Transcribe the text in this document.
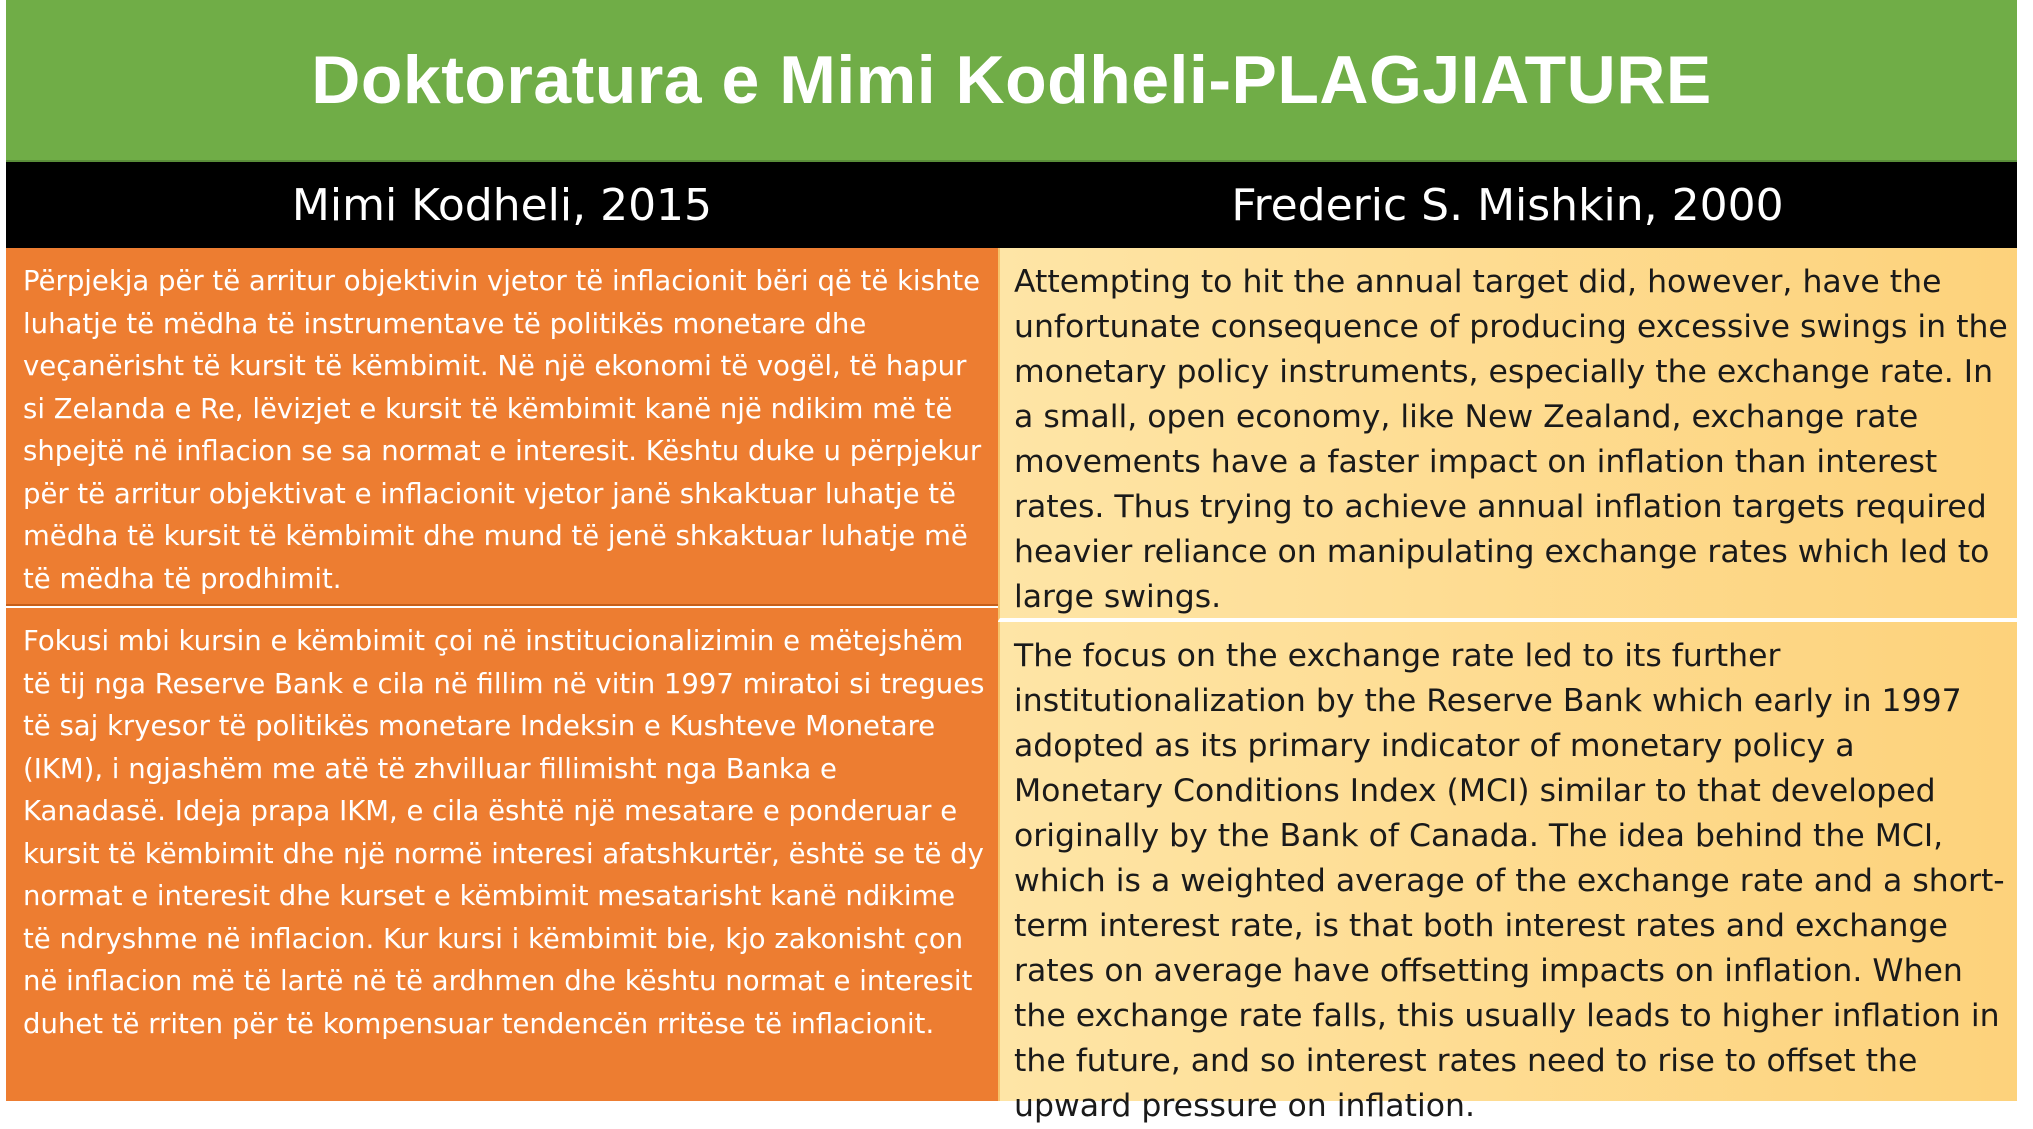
Doktoratura e Mimi Kodheli-PLAGJIATURE
Mimi Kodheli, 2015	Frederic S. Mishkin, 2000

Përpjekja për të arritur objektivin vjetor të inflacionit bëri që të kishte luhatje të mëdha të instrumentave të politikës monetare dhe veçanërisht të kursit të këmbimit. Në një ekonomi të vogël, të hapur si Zelanda e Re, lëvizjet e kursit të këmbimit kanë një ndikim më të shpejtë në inflacion se sa normat e interesit. Kështu duke u përpjekur për të arritur objektivat e inflacionit vjetor janë shkaktuar luhatje të mëdha të kursit të këmbimit dhe mund të jenë shkaktuar luhatje më të mëdha të prodhimit.

Attempting to hit the annual target did, however, have the unfortunate consequence of producing excessive swings in the monetary policy instruments, especially the exchange rate. In a small, open economy, like New Zealand, exchange rate movements have a faster impact on inflation than interest rates. Thus trying to achieve annual inflation targets required heavier reliance on manipulating exchange rates which led to large swings.

Fokusi mbi kursin e këmbimit çoi në institucionalizimin e mëtejshëm të tij nga Reserve Bank e cila në fillim në vitin 1997 miratoi si tregues të saj kryesor të politikës monetare Indeksin e Kushteve Monetare (IKM), i ngjashëm me atë të zhvilluar fillimisht nga Banka e Kanadasë. Ideja prapa IKM, e cila është një mesatare e ponderuar e kursit të këmbimit dhe një normë interesi afatshkurtër, është se të dy normat e interesit dhe kurset e këmbimit mesatarisht kanë ndikime të ndryshme në inflacion. Kur kursi i këmbimit bie, kjo zakonisht çon në inflacion më të lartë në të ardhmen dhe kështu normat e interesit duhet të rriten për të kompensuar tendencën rritëse të inflacionit.

The focus on the exchange rate led to its further institutionalization by the Reserve Bank which early in 1997 adopted as its primary indicator of monetary policy a Monetary Conditions Index (MCI) similar to that developed originally by the Bank of Canada. The idea behind the MCI, which is a weighted average of the exchange rate and a short-term interest rate, is that both interest rates and exchange rates on average have offsetting impacts on inflation. When the exchange rate falls, this usually leads to higher inflation in the future, and so interest rates need to rise to offset the upward pressure on inflation.
